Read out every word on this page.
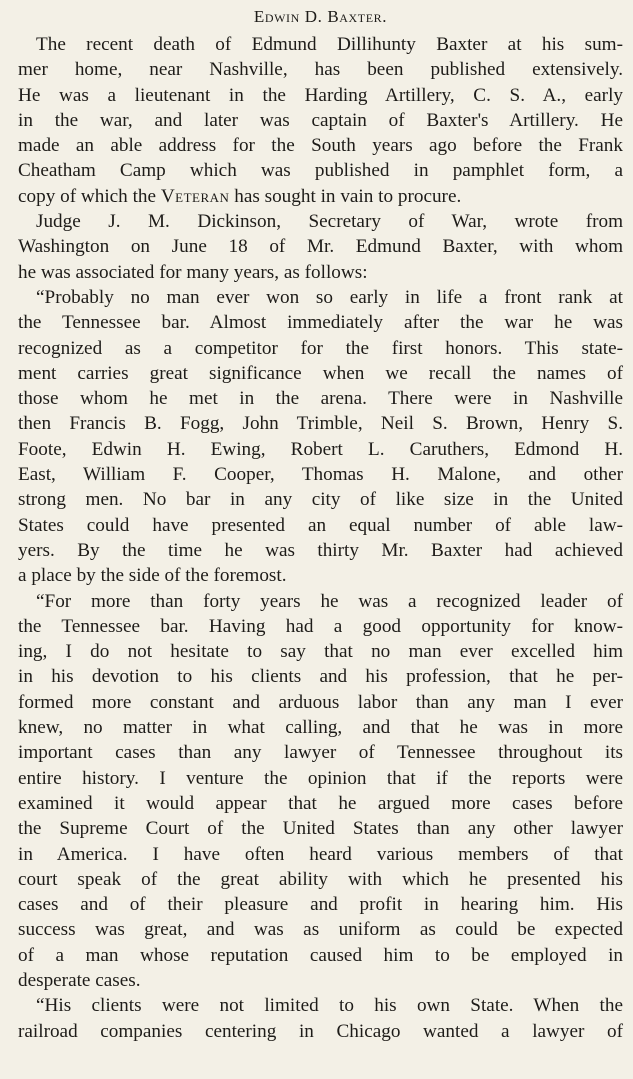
Edwin D. Baxter.

The recent death of Edmund Dillihunty Baxter at his sum-
mer home, near Nashville, has been published extensively.
He was a lieutenant in the Harding Artillery, C. S. A., early
in the war, and later was captain of Baxter's Artillery. He
made an able address for the South years ago before the Frank
Cheatham Camp which was published in pamphlet form, a
copy of which the Veteran has sought in vain to procure.

Judge J. M. Dickinson, Secretary of War, wrote from
Washington on June 18 of Mr. Edmund Baxter, with whom
he was associated for many years, as follows:

“Probably no man ever won so early in life a front rank at
the Tennessee bar. Almost immediately after the war he was
recognized as a competitor for the first honors. This state-
ment carries great significance when we recall the names of
those whom he met in the arena. There were in Nashville
then Francis B. Fogg, John Trimble, Neil S. Brown, Henry S.
Foote, Edwin H. Ewing, Robert L. Caruthers, Edmond H.
East, William F. Cooper, Thomas H. Malone, and other
strong men. No bar in any city of like size in the United
States could have presented an equal number of able law-
yers. By the time he was thirty Mr. Baxter had achieved
a place by the side of the foremost.

“For more than forty years he was a recognized leader of
the Tennessee bar. Having had a good opportunity for know-
ing, I do not hesitate to say that no man ever excelled him
in his devotion to his clients and his profession, that he per-
formed more constant and arduous labor than any man I ever
knew, no matter in what calling, and that he was in more
important cases than any lawyer of Tennessee throughout its
entire history. I venture the opinion that if the reports were
examined it would appear that he argued more cases before
the Supreme Court of the United States than any other lawyer
in America. I have often heard various members of that
court speak of the great ability with which he presented his
cases and of their pleasure and profit in hearing him. His
success was great, and was as uniform as could be expected
of a man whose reputation caused him to be employed in
desperate cases.

“His clients were not limited to his own State. When the
railroad companies centering in Chicago wanted a lawyer of
